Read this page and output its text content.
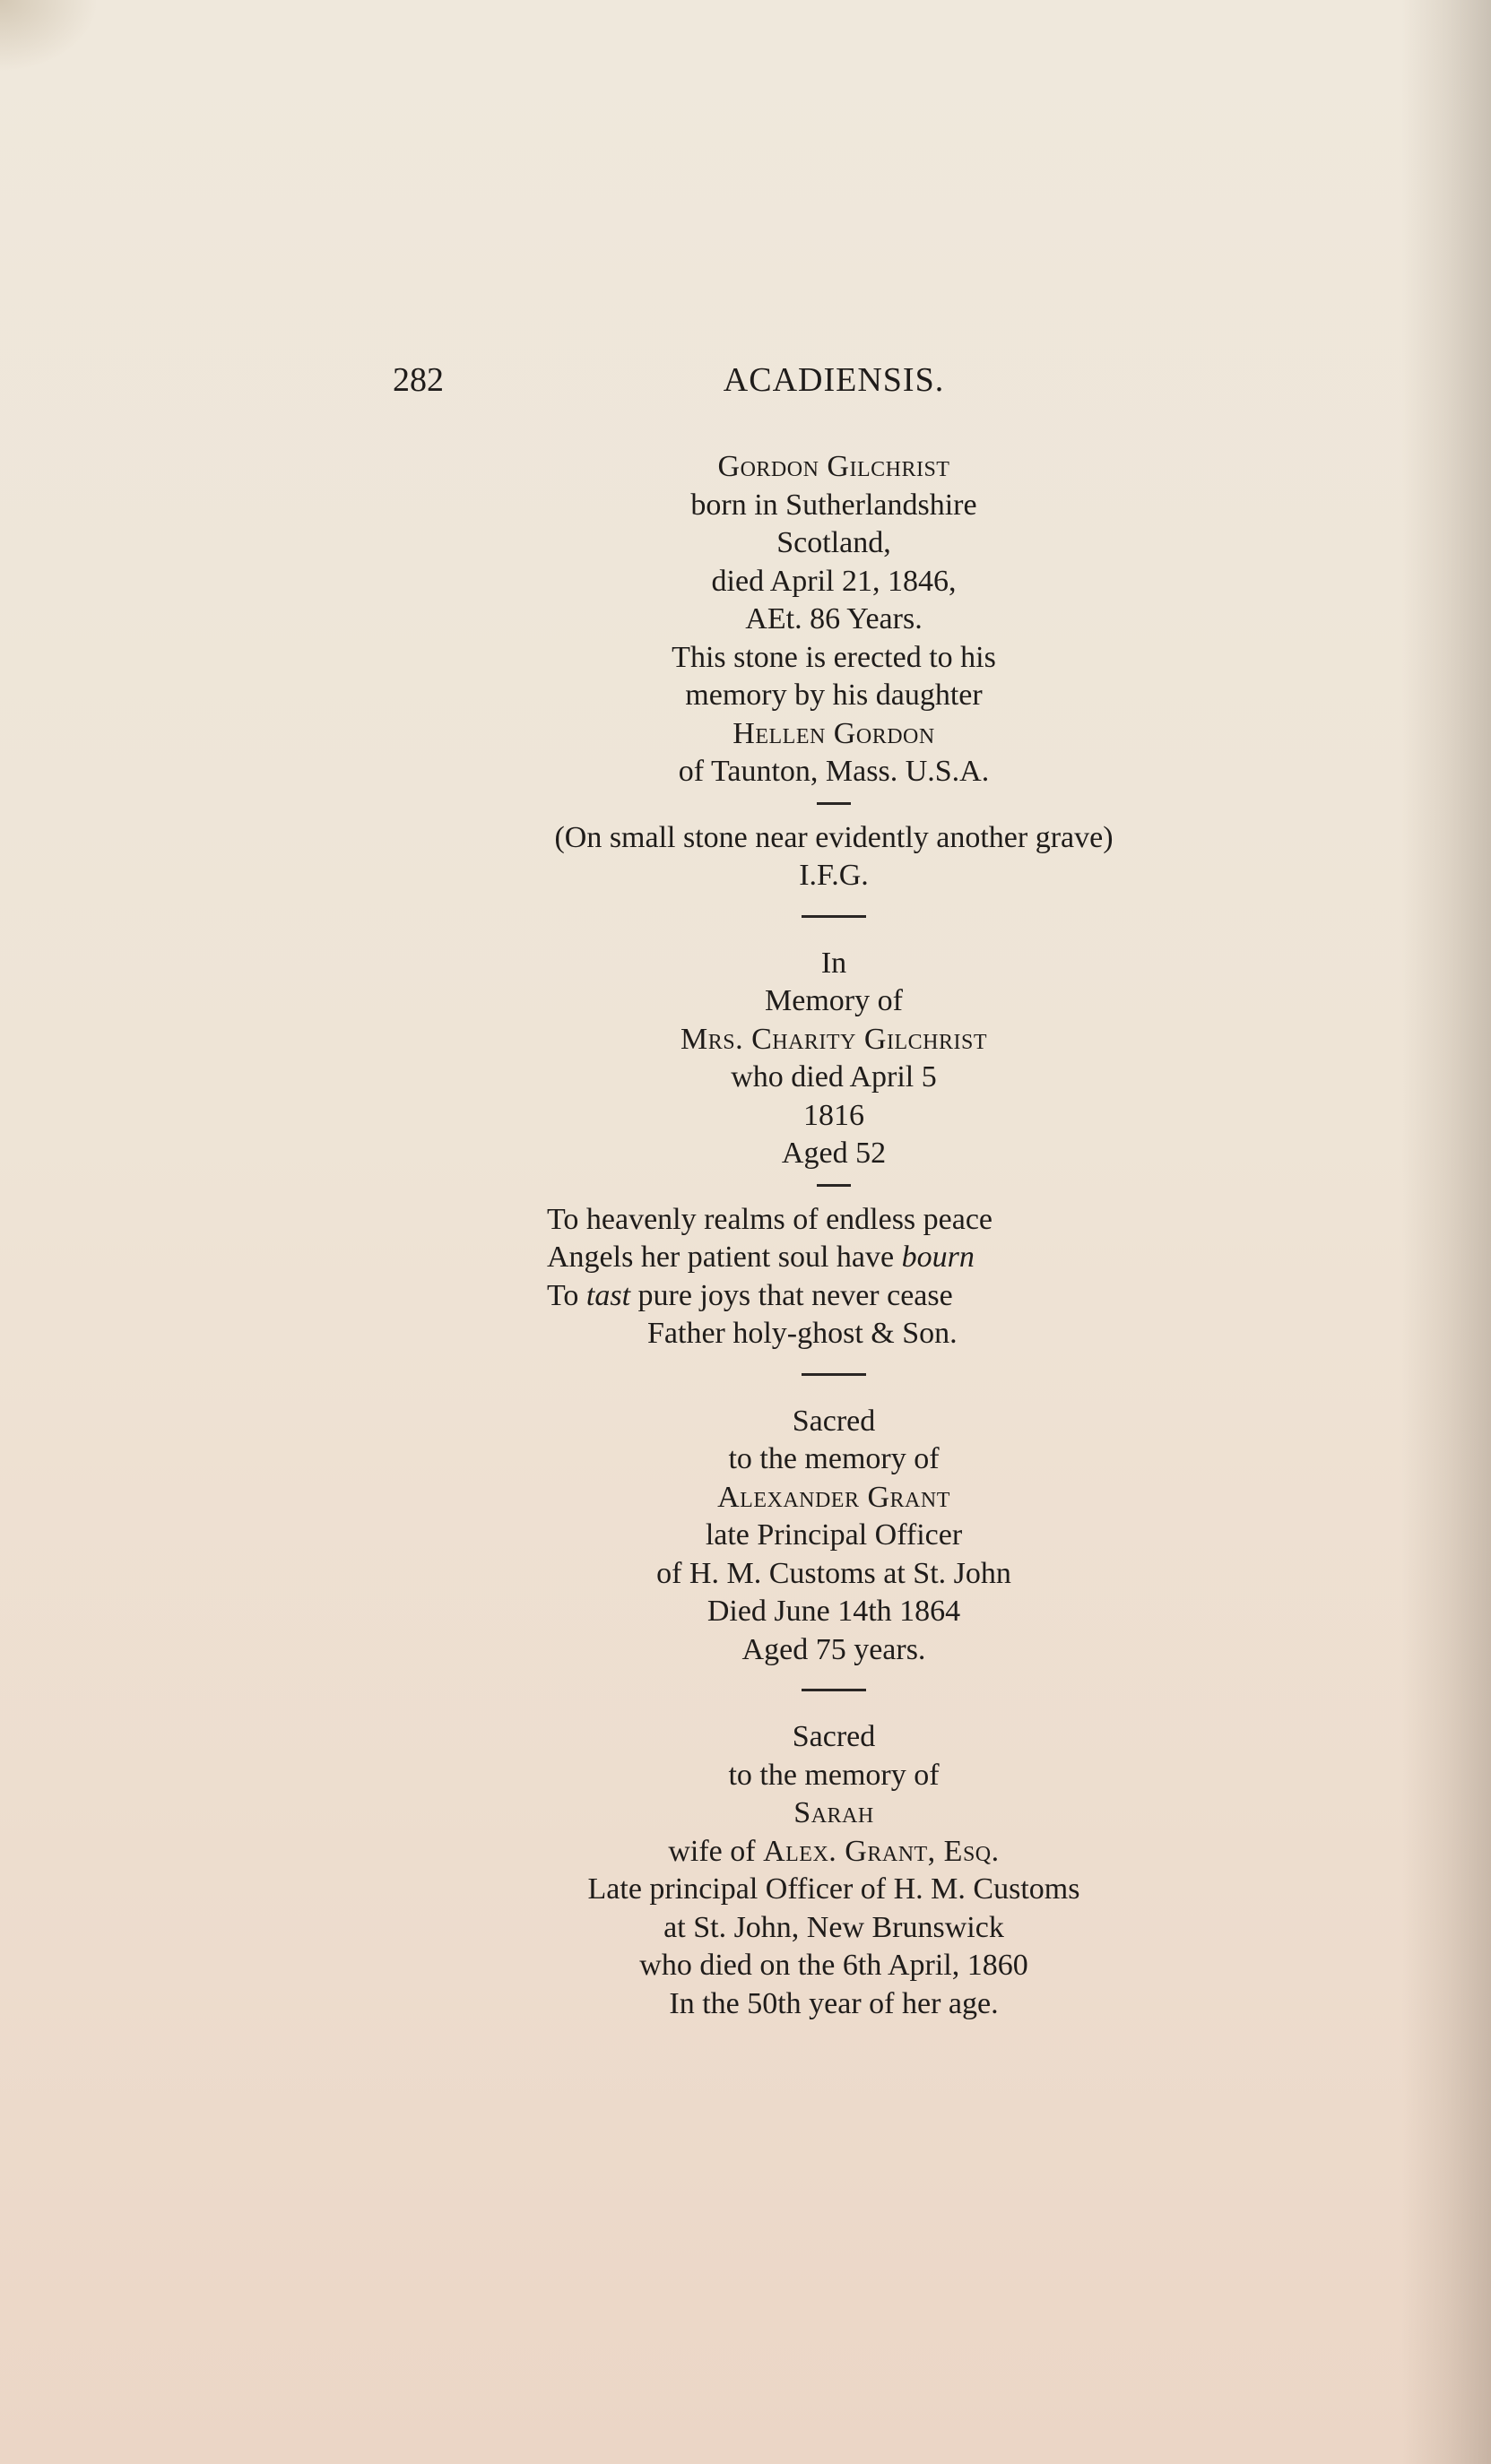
282	ACADIENSIS.
Gordon Gilchrist
born in Sutherlandshire
Scotland,
died April 21, 1846,
AEt. 86 Years.
This stone is erected to his
memory by his daughter
Hellen Gordon
of Taunton, Mass. U.S.A.
(On small stone near evidently another grave)
I.F.G.
In
Memory of
Mrs. Charity Gilchrist
who died April 5
1816
Aged 52
To heavenly realms of endless peace
Angels her patient soul have bourn
To tast pure joys that never cease
Father holy-ghost & Son.
Sacred
to the memory of
Alexander Grant
late Principal Officer
of H. M. Customs at St. John
Died June 14th 1864
Aged 75 years.
Sacred
to the memory of
Sarah
wife of Alex. Grant, Esq.
Late principal Officer of H. M. Customs
at St. John, New Brunswick
who died on the 6th April, 1860
In the 50th year of her age.
